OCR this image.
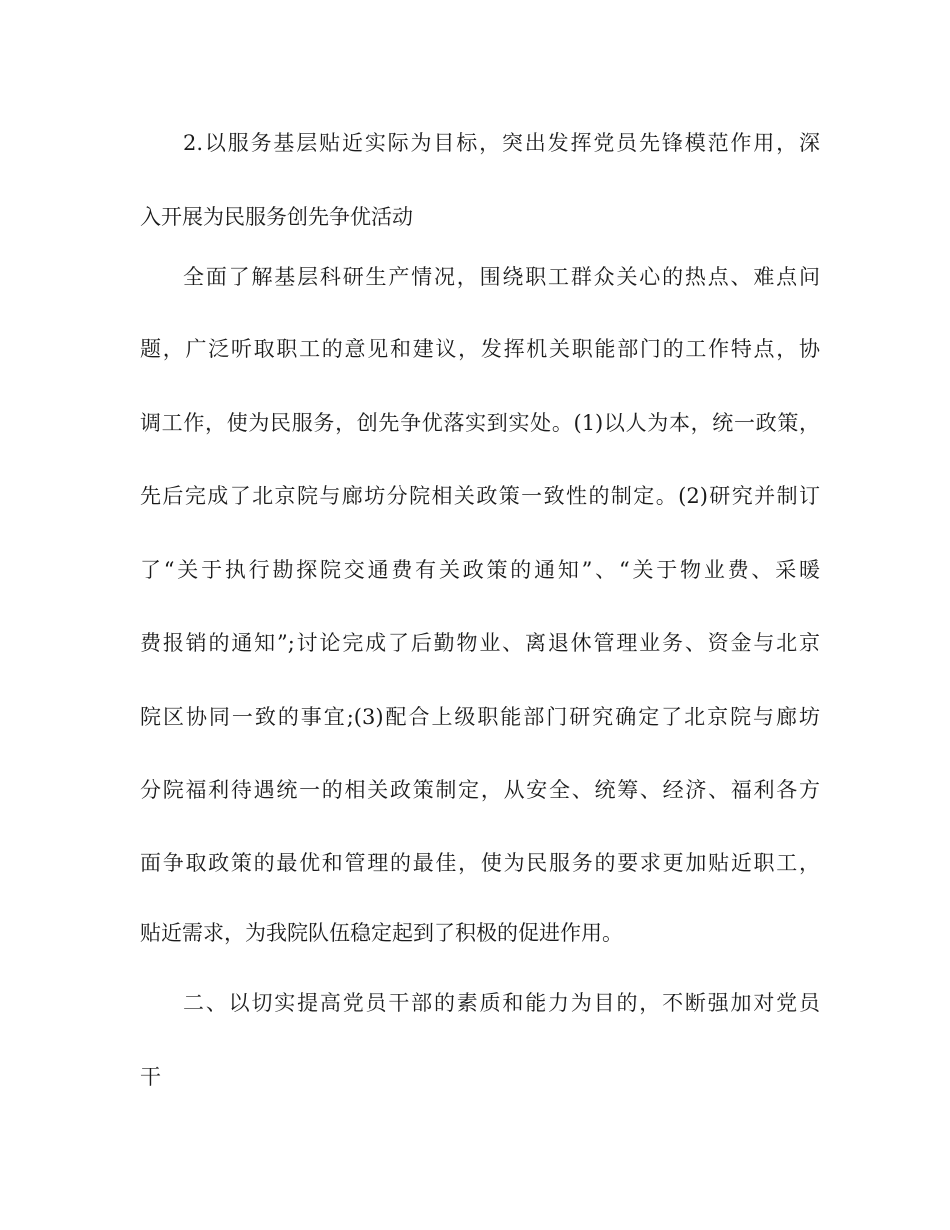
2.以服务基层贴近实际为目标，突出发挥党员先锋模范作用，深

入开展为民服务创先争优活动

全面了解基层科研生产情况，围绕职工群众关心的热点、难点问

题，广泛听取职工的意见和建议，发挥机关职能部门的工作特点，协

调工作，使为民服务，创先争优落实到实处。(1)以人为本，统一政策，

先后完成了北京院与廊坊分院相关政策一致性的制定。(2)研究并制订

了“关于执行勘探院交通费有关政策的通知”、“关于物业费、采暖

费报销的通知”;讨论完成了后勤物业、离退休管理业务、资金与北京

院区协同一致的事宜;(3)配合上级职能部门研究确定了北京院与廊坊

分院福利待遇统一的相关政策制定，从安全、统筹、经济、福利各方

面争取政策的最优和管理的最佳，使为民服务的要求更加贴近职工，

贴近需求，为我院队伍稳定起到了积极的促进作用。

二、以切实提高党员干部的素质和能力为目的，不断强加对党员

干
